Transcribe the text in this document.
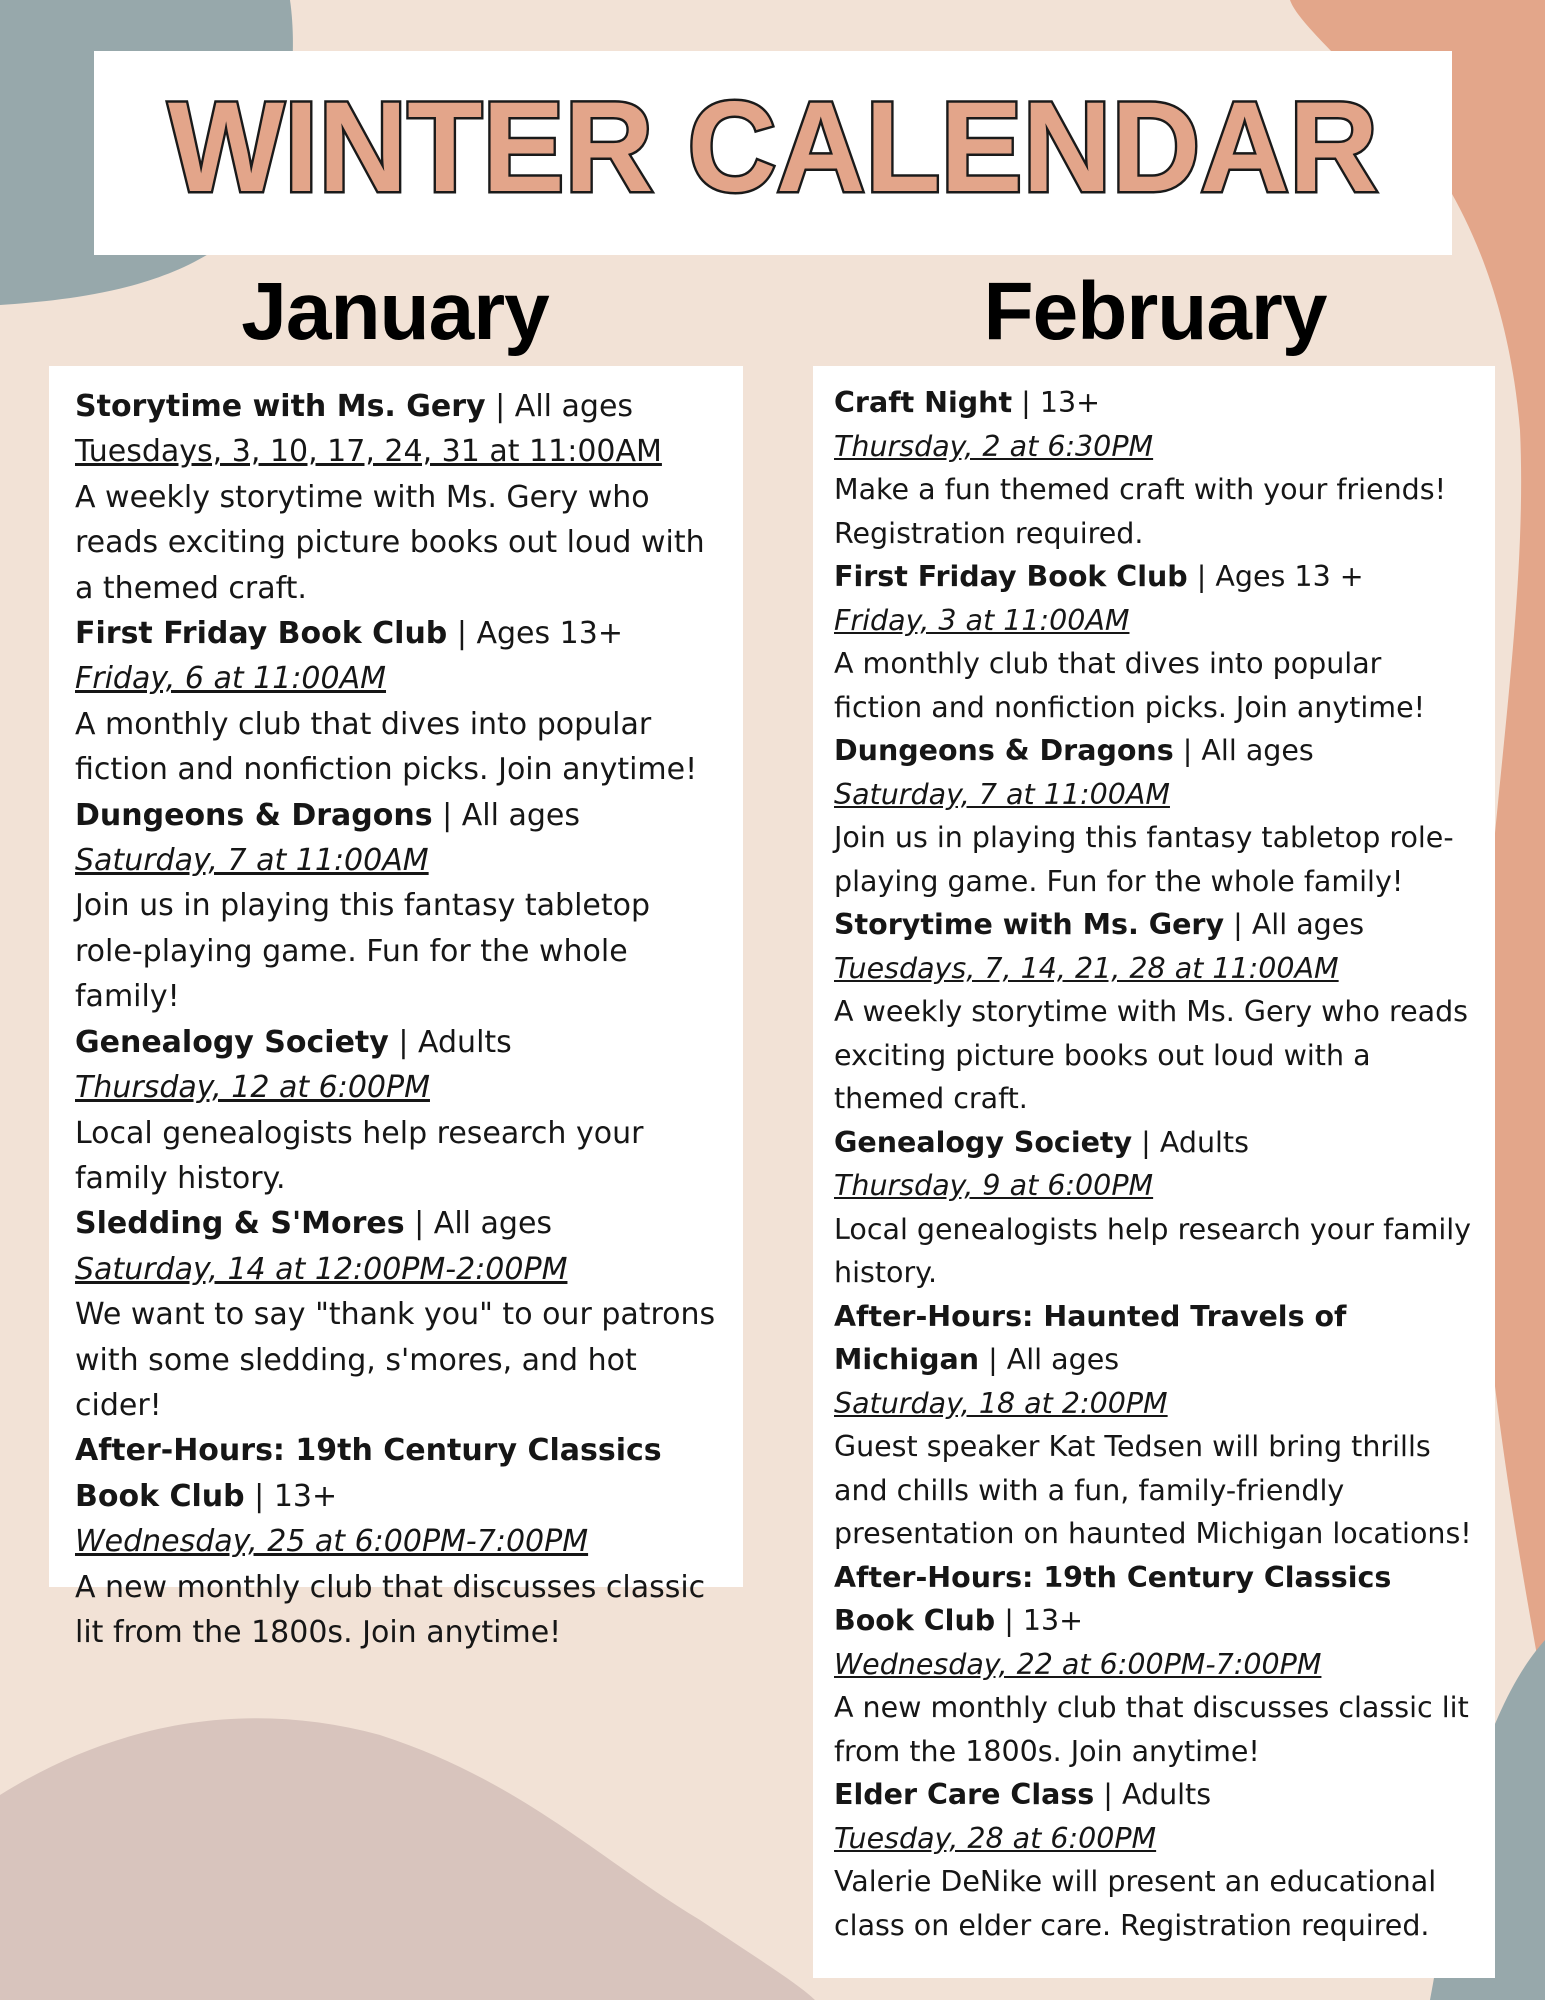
WINTER CALENDAR
January	February
Storytime with Ms. Gery | All ages
Tuesdays, 3, 10, 17, 24, 31 at 11:00AM
A weekly storytime with Ms. Gery who reads exciting picture books out loud with a themed craft.
First Friday Book Club | Ages 13+
Friday, 6 at 11:00AM
A monthly club that dives into popular fiction and nonfiction picks. Join anytime!
Dungeons & Dragons | All ages
Saturday, 7 at 11:00AM
Join us in playing this fantasy tabletop role-playing game. Fun for the whole family!
Genealogy Society | Adults
Thursday, 12 at 6:00PM
Local genealogists help research your family history.
Sledding & S'Mores | All ages
Saturday, 14 at 12:00PM-2:00PM
We want to say "thank you" to our patrons with some sledding, s'mores, and hot cider!
After-Hours: 19th Century Classics Book Club | 13+
Wednesday, 25 at 6:00PM-7:00PM
A new monthly club that discusses classic lit from the 1800s. Join anytime!
Craft Night | 13+
Thursday, 2 at 6:30PM
Make a fun themed craft with your friends! Registration required.
First Friday Book Club | Ages 13 +
Friday, 3 at 11:00AM
A monthly club that dives into popular fiction and nonfiction picks. Join anytime!
Dungeons & Dragons | All ages
Saturday, 7 at 11:00AM
Join us in playing this fantasy tabletop role-playing game. Fun for the whole family!
Storytime with Ms. Gery | All ages
Tuesdays, 7, 14, 21, 28 at 11:00AM
A weekly storytime with Ms. Gery who reads exciting picture books out loud with a themed craft.
Genealogy Society | Adults
Thursday, 9 at 6:00PM
Local genealogists help research your family history.
After-Hours: Haunted Travels of Michigan | All ages
Saturday, 18 at 2:00PM
Guest speaker Kat Tedsen will bring thrills and chills with a fun, family-friendly presentation on haunted Michigan locations!
After-Hours: 19th Century Classics Book Club | 13+
Wednesday, 22 at 6:00PM-7:00PM
A new monthly club that discusses classic lit from the 1800s. Join anytime!
Elder Care Class | Adults
Tuesday, 28 at 6:00PM
Valerie DeNike will present an educational class on elder care. Registration required.
